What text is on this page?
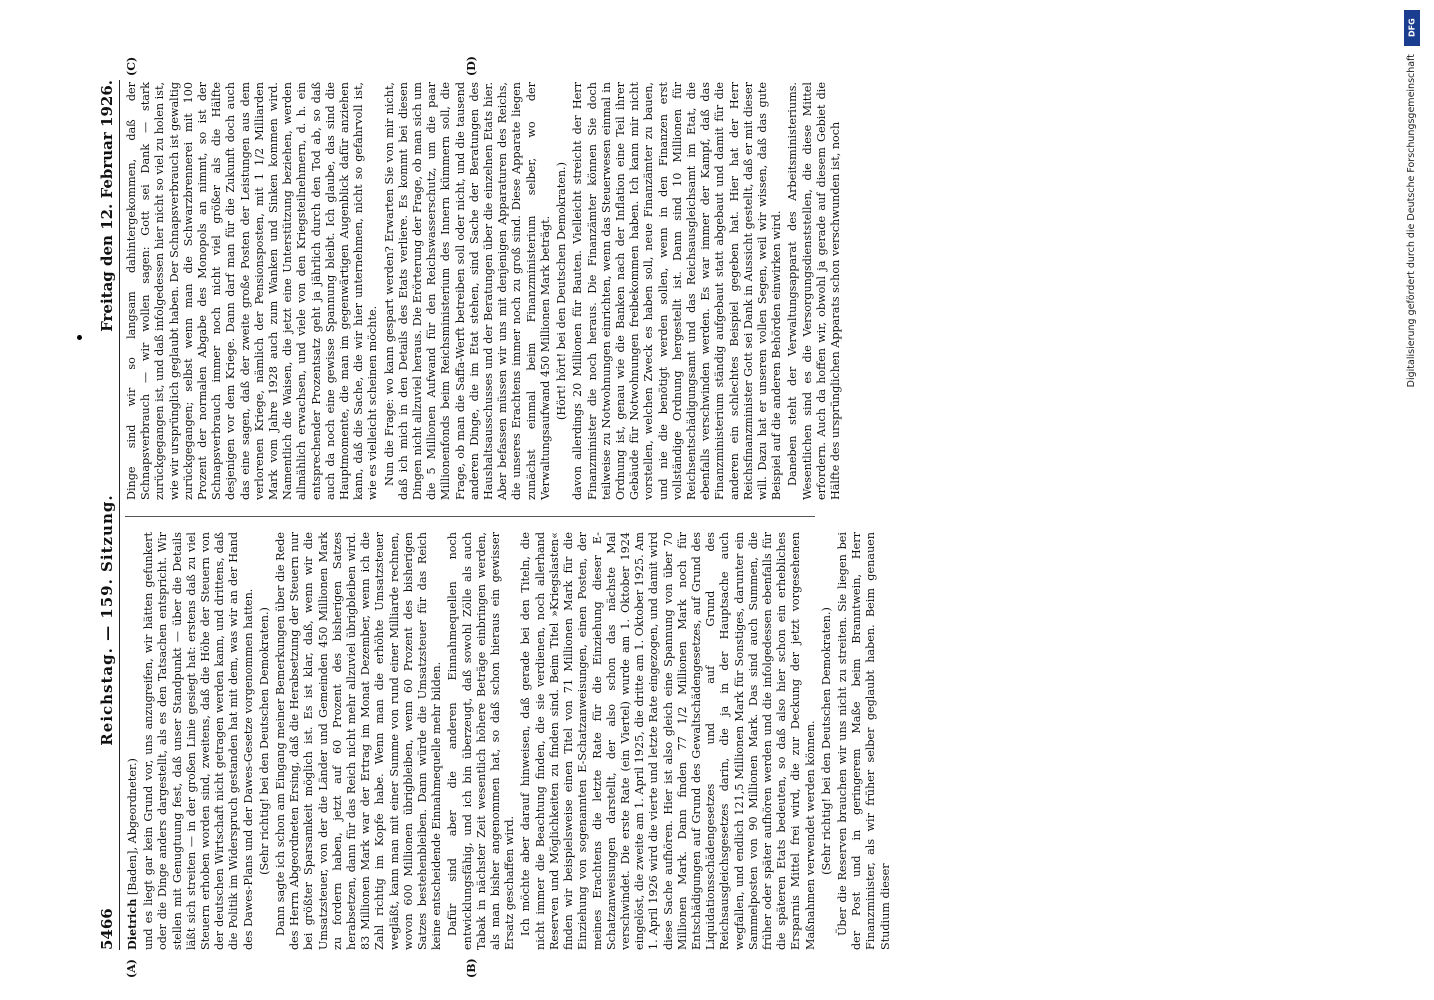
5466
Reichstag. — 159. Sitzung.
Freitag den 12. Februar 1926.
(A)	(B)
(C)	(D)

Dietrich [Baden], Abgeordneter.) und es liegt gar kein Grund vor, uns anzugreifen, wir hätten gefunkert oder die Dinge anders dargestellt, als es den Tatsachen entspricht. Wir stellen mit Genugtuung fest, daß unser Standpunkt — über die Details läßt sich streiten — in der großen Linie gesiegt hat: erstens daß zu viel Steuern erhoben worden sind, zweitens, daß die Höhe der Steuern von der deutschen Wirtschaft nicht getragen werden kann, und drittens, daß die Politik im Widerspruch gestanden hat mit dem, was wir an der Hand des Dawes-Plans und der Dawes-Gesetze vorgenommen hatten. (Sehr richtig! bei den Deutschen Demokraten.) Dann sagte ich schon am Eingang meiner Bemerkungen über die Rede des Herrn Abgeordneten Ersing, daß die Herabsetzung der Steuern nur bei größter Sparsamkeit möglich ist. Es ist klar, daß, wenn wir die Umsatzsteuer, von der die Länder und Gemeinden 450 Millionen Mark zu fordern haben, jetzt auf 60 Prozent des bisherigen Satzes herabsetzen, dann für das Reich nicht mehr allzuviel übrigbleiben wird. 83 Millionen Mark war der Ertrag im Monat Dezember, wenn ich die Zahl richtig im Kopfe habe. Wenn man die erhöhte Umsatzsteuer wegläßt, kann man mit einer Summe von rund einer Milliarde rechnen, wovon 600 Millionen übrigbleiben, wenn 60 Prozent des bisherigen Satzes bestehenbleiben. Dann würde die Umsatzsteuer für das Reich keine entscheidende Einnahmequelle mehr bilden. Dafür sind aber die anderen Einnahmequellen noch entwicklungsfähig, und ich bin überzeugt, daß sowohl Zölle als auch Tabak in nächster Zeit wesentlich höhere Beträge einbringen werden, als man bisher angenommen hat, so daß schon hieraus ein gewisser Ersatz geschaffen wird. Ich möchte aber darauf hinweisen, daß gerade bei den Titeln, die nicht immer die Beachtung finden, die sie verdienen, noch allerhand Reserven und Möglichkeiten zu finden sind. Beim Titel »Kriegslasten« finden wir beispielsweise einen Titel von 71 Millionen Mark für die Einziehung von sogenannten E-Schatzanweisungen, einen Posten, der meines Erachtens die letzte Rate für die Einziehung dieser E-Schatzanweisungen darstellt, der also schon das nächste Mal verschwindet. Die erste Rate (ein Viertel) wurde am 1. Oktober 1924 eingelöst, die zweite am 1. April 1925, die dritte am 1. Oktober 1925. Am 1. April 1926 wird die vierte und letzte Rate eingezogen, und damit wird diese Sache aufhören. Hier ist also gleich eine Spannung von über 70 Millionen Mark. Dann finden 77 1/2 Millionen Mark noch für Entschädigungen auf Grund des Gewaltschädengesetzes, auf Grund des Liquidationsschädengesetzes und auf Grund des Reichsausgleichsgesetzes darin, die ja in der Hauptsache auch wegfallen, und endlich 121,5 Millionen Mark für Sonstiges, darunter ein Sammelposten von 90 Millionen Mark. Das sind auch Summen, die früher oder später aufhören werden und die infolgedessen ebenfalls für die späteren Etats bedeuten, so daß also hier schon ein erhebliches Ersparnis Mittel frei wird, die zur Deckung der jetzt vorgesehenen Maßnahmen verwendet werden können. (Sehr richtig! bei den Deutschen Demokraten.) Über die Reserven brauchen wir uns nicht zu streiten. Sie liegen bei der Post und in geringerem Maße beim Branntwein, Herr Finanzminister, als wir früher selber geglaubt haben. Beim genauen Studium dieser

Dinge sind wir so langsam dahintergekommen, daß der Schnapsverbrauch — wir wollen sagen: Gott sei Dank — stark zurückgegangen ist, und daß infolgedessen hier nicht so viel zu holen ist, wie wir ursprünglich geglaubt haben. Der Schnapsverbrauch ist gewaltig zurückgegangen; selbst wenn man die Schwarzbrennerei mit 100 Prozent der normalen Abgabe des Monopols an nimmt, so ist der Schnapsverbrauch immer noch nicht viel größer als die Hälfte desjenigen vor dem Kriege. Dann darf man für die Zukunft doch auch das eine sagen, daß der zweite große Posten der Leistungen aus dem verlorenen Kriege, nämlich der Pensionsposten, mit 1 1/2 Milliarden Mark vom Jahre 1928 auch zum Wanken und Sinken kommen wird. Namentlich die Waisen, die jetzt eine Unterstützung beziehen, werden allmählich erwachsen, und viele von den Kriegsteilnehmern, d. h. ein entsprechender Prozentsatz geht ja jährlich durch den Tod ab, so daß auch da noch eine gewisse Spannung bleibt. Ich glaube, das sind die Hauptmomente, die man im gegenwärtigen Augenblick dafür anziehen kann, daß die Sache, die wir hier unternehmen, nicht so gefahrvoll ist, wie es vielleicht scheinen möchte. Nun die Frage: wo kann gespart werden? Erwarten Sie von mir nicht, daß ich mich in den Details des Etats verliere. Es kommt bei diesen Dingen nicht allzuviel heraus. Die Erörterung der Frage, ob man sich um die 5 Millionen Aufwand für den Reichswasserschutz, um die paar Millionenfonds beim Reichsministerium des Innern kümmern soll, die Frage, ob man die Saffa-Werft betreiben soll oder nicht, und die tausend anderen Dinge, die im Etat stehen, sind Sache der Beratungen des Haushaltsausschusses und der Beratungen über die einzelnen Etats hier. Aber befassen müssen wir uns mit denjenigen Apparaturen des Reichs, die unseres Erachtens immer noch zu groß sind. Diese Apparate liegen zunächst einmal beim Finanzministerium selber, wo der Verwaltungsaufwand 450 Millionen Mark beträgt. (Hört! hört! bei den Deutschen Demokraten.) davon allerdings 20 Millionen für Bauten. Vielleicht streicht der Herr Finanzminister die noch heraus. Die Finanzämter können Sie doch teilweise zu Notwohnungen einrichten, wenn das Steuerwesen einmal in Ordnung ist, genau wie die Banken nach der Inflation eine Teil ihrer Gebäude für Notwohnungen freibekommen haben. Ich kann mir nicht vorstellen, welchen Zweck es haben soll, neue Finanzämter zu bauen, und nie die benötigt werden sollen, wenn in den Finanzen erst vollständige Ordnung hergestellt ist. Dann sind 10 Millionen für Reichsentschädigungsamt und das Reichsausgleichsamt im Etat, die ebenfalls verschwinden werden. Es war immer der Kampf, daß das Finanzministerium ständig aufgebaut statt abgebaut und damit für die anderen ein schlechtes Beispiel gegeben hat. Hier hat der Herr Reichsfinanzminister Gott sei Dank in Aussicht gestellt, daß er mit dieser will. Dazu hat er unseren vollen Segen, weil wir wissen, daß das gute Beispiel auf die anderen Behörden einwirken wird. Daneben steht der Verwaltungsapparat des Arbeitsministeriums. Wesentlichen sind es die Versorgungsdienststellen, die diese Mittel erfordern. Auch da hoffen wir, obwohl ja gerade auf diesem Gebiet die Hälfte des ursprünglichen Apparats schon verschwunden ist, noch

DFG
Digitalisierung gefördert durch die Deutsche Forschungsgemeinschaft
